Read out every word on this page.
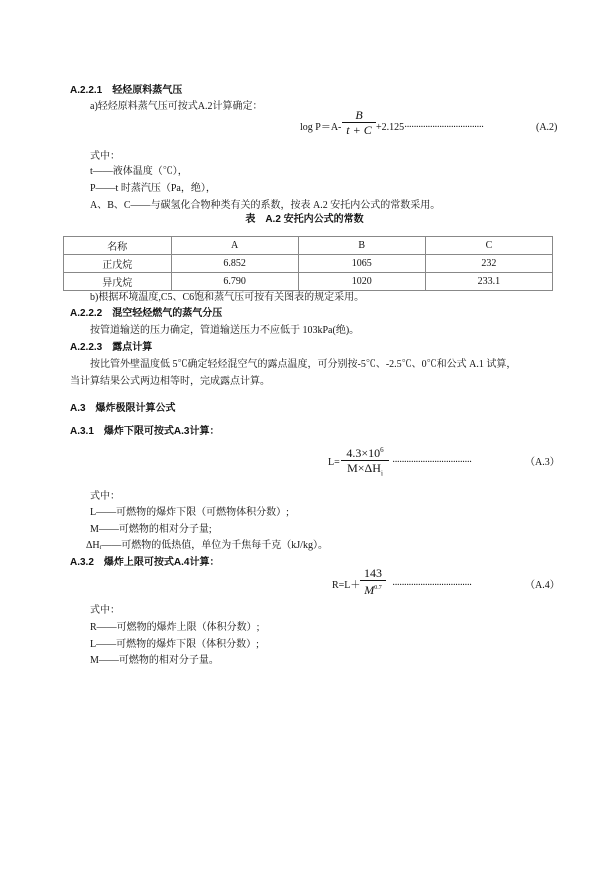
A.2.2.1　轻烃原料蒸气压
a)轻烃原料蒸气压可按式A.2计算确定：
$\log P=A- \frac{B}{t + C} +2.125$ ··································	(A.2)
式中：
t——液体温度（℃），
P——t 时蒸汽压（Pa，绝），
A、B、C——与碳氢化合物种类有关的系数，按表 A.2 安托内公式的常数采用。
表　A.2 安托内公式的常数
名称	A	B	C
正戊烷	6.852	1065	232
异戊烷	6.790	1020	233.1
b)根据环境温度,C5、C6饱和蒸气压可按有关图表的规定采用。
A.2.2.2　混空轻烃燃气的蒸气分压
按管道输送的压力确定，管道输送压力不应低于 103kPa(绝)。
A.2.2.3　露点计算
按比管外壁温度低 5℃确定轻烃混空气的露点温度，可分别按-5℃、-2.5℃、0℃和公式 A.1 试算，
当计算结果公式两边相等时，完成露点计算。
A.3　爆炸极限计算公式
A.3.1　爆炸下限可按式A.3计算：
L=
$4.3\times 10^6$
$M\times\Delta H_i$
··································	（A.3）
式中：
L——可燃物的爆炸下限（可燃物体积分数）;
M——可燃物的相对分子量;
ΔHᵢ——可燃物的低热值，单位为千焦每千克（kJ/kg）。
A.3.2　爆炸上限可按式A.4计算：
$R=L+ \frac{143}{M^{0.7}}$ ··································	（A.4）
式中：
R——可燃物的爆炸上限（体积分数）;
L——可燃物的爆炸下限（体积分数）;
M——可燃物的相对分子量。
